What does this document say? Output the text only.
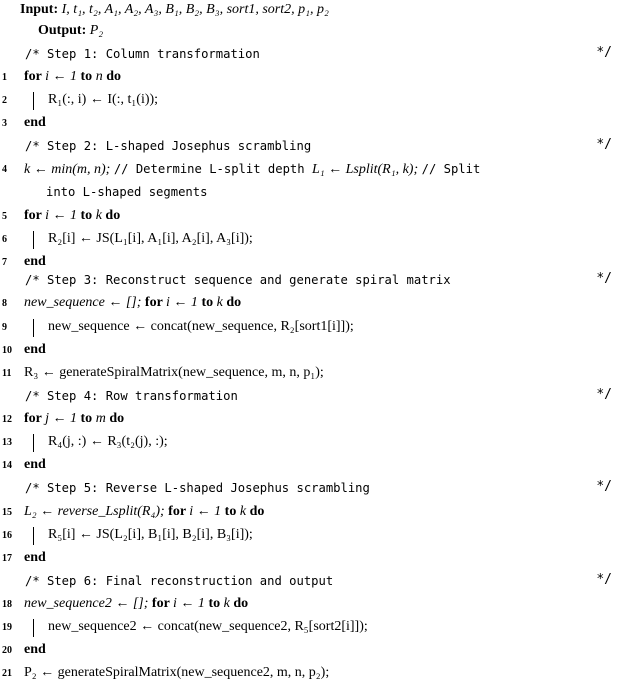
Input: I, t₁, t₂, A₁, A₂, A₃, B₁, B₂, B₃, sort1, sort2, p₁, p₂
Output: P₂
/* Step 1: Column transformation	*/
1	for i ← 1 to n do
2	R₁(:, i) ← I(:, t₁(i));
3	end
/* Step 2: L-shaped Josephus scrambling	*/
4	k ← min(m, n); // Determine L-split depth L₁ ← Lsplit(R₁, k); // Split
into L-shaped segments
5	for i ← 1 to k do
6	R₂[i] ← JS(L₁[i], A₁[i], A₂[i], A₃[i]);
7	end
/* Step 3: Reconstruct sequence and generate spiral matrix	*/
8	new_sequence ← []; for i ← 1 to k do
9	new_sequence ← concat(new_sequence, R₂[sort1[i]]);
10 end
11 R₃ ← generateSpiralMatrix(new_sequence, m, n, p₁);
/* Step 4: Row transformation	*/
12 for j ← 1 to m do
13	R₄(j, :) ← R₃(t₂(j), :);
14 end
/* Step 5: Reverse L-shaped Josephus scrambling	*/
15 L₂ ← reverse_Lsplit(R₄); for i ← 1 to k do
16	R₅[i] ← JS(L₂[i], B₁[i], B₂[i], B₃[i]);
17 end
/* Step 6: Final reconstruction and output	*/
18 new_sequence2 ← []; for i ← 1 to k do
19	new_sequence2 ← concat(new_sequence2, R₅[sort2[i]]);
20 end
21 P₂ ← generateSpiralMatrix(new_sequence2, m, n, p₂);
